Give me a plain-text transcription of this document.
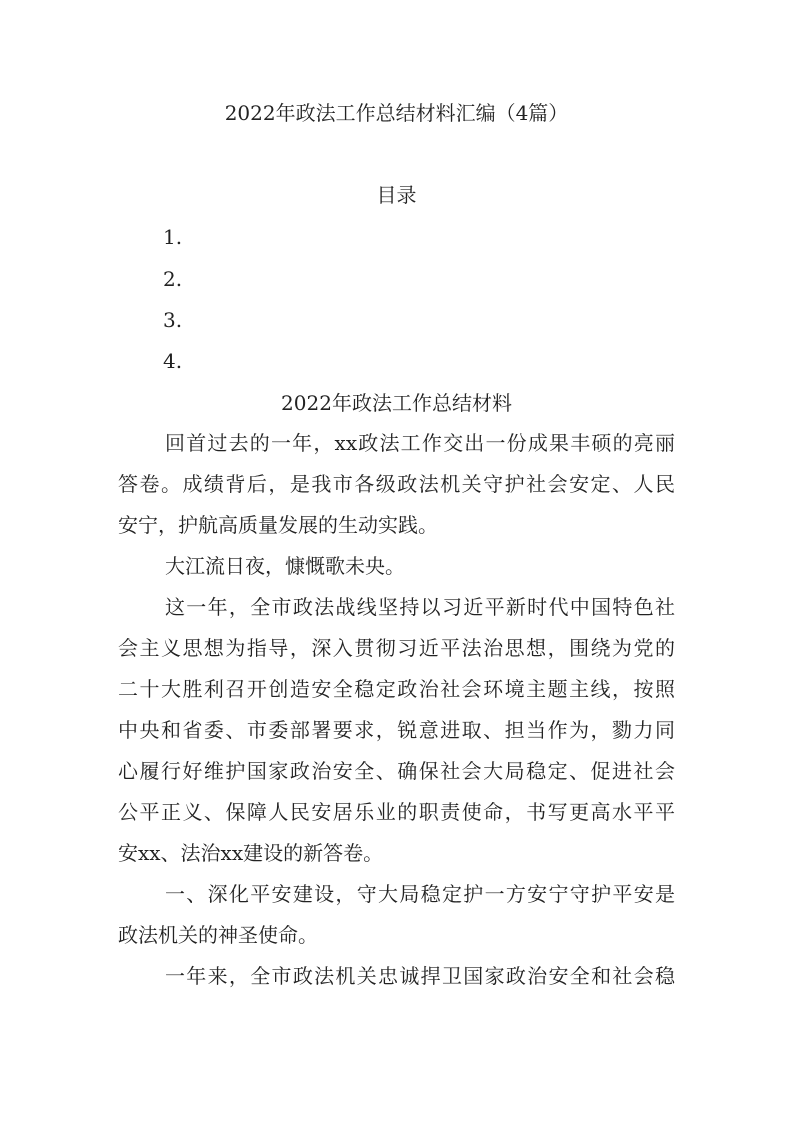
2022年政法工作总结材料汇编（4篇）
目录
1.
2.
3.
4.
2022年政法工作总结材料
回首过去的一年，xx政法工作交出一份成果丰硕的亮丽
答卷。成绩背后，是我市各级政法机关守护社会安定、人民
安宁，护航高质量发展的生动实践。
大江流日夜，慷慨歌未央。
这一年，全市政法战线坚持以习近平新时代中国特色社
会主义思想为指导，深入贯彻习近平法治思想，围绕为党的
二十大胜利召开创造安全稳定政治社会环境主题主线，按照
中央和省委、市委部署要求，锐意进取、担当作为，勠力同
心履行好维护国家政治安全、确保社会大局稳定、促进社会
公平正义、保障人民安居乐业的职责使命，书写更高水平平
安xx、法治xx建设的新答卷。
一、深化平安建设，守大局稳定护一方安宁守护平安是
政法机关的神圣使命。
一年来，全市政法机关忠诚捍卫国家政治安全和社会稳
